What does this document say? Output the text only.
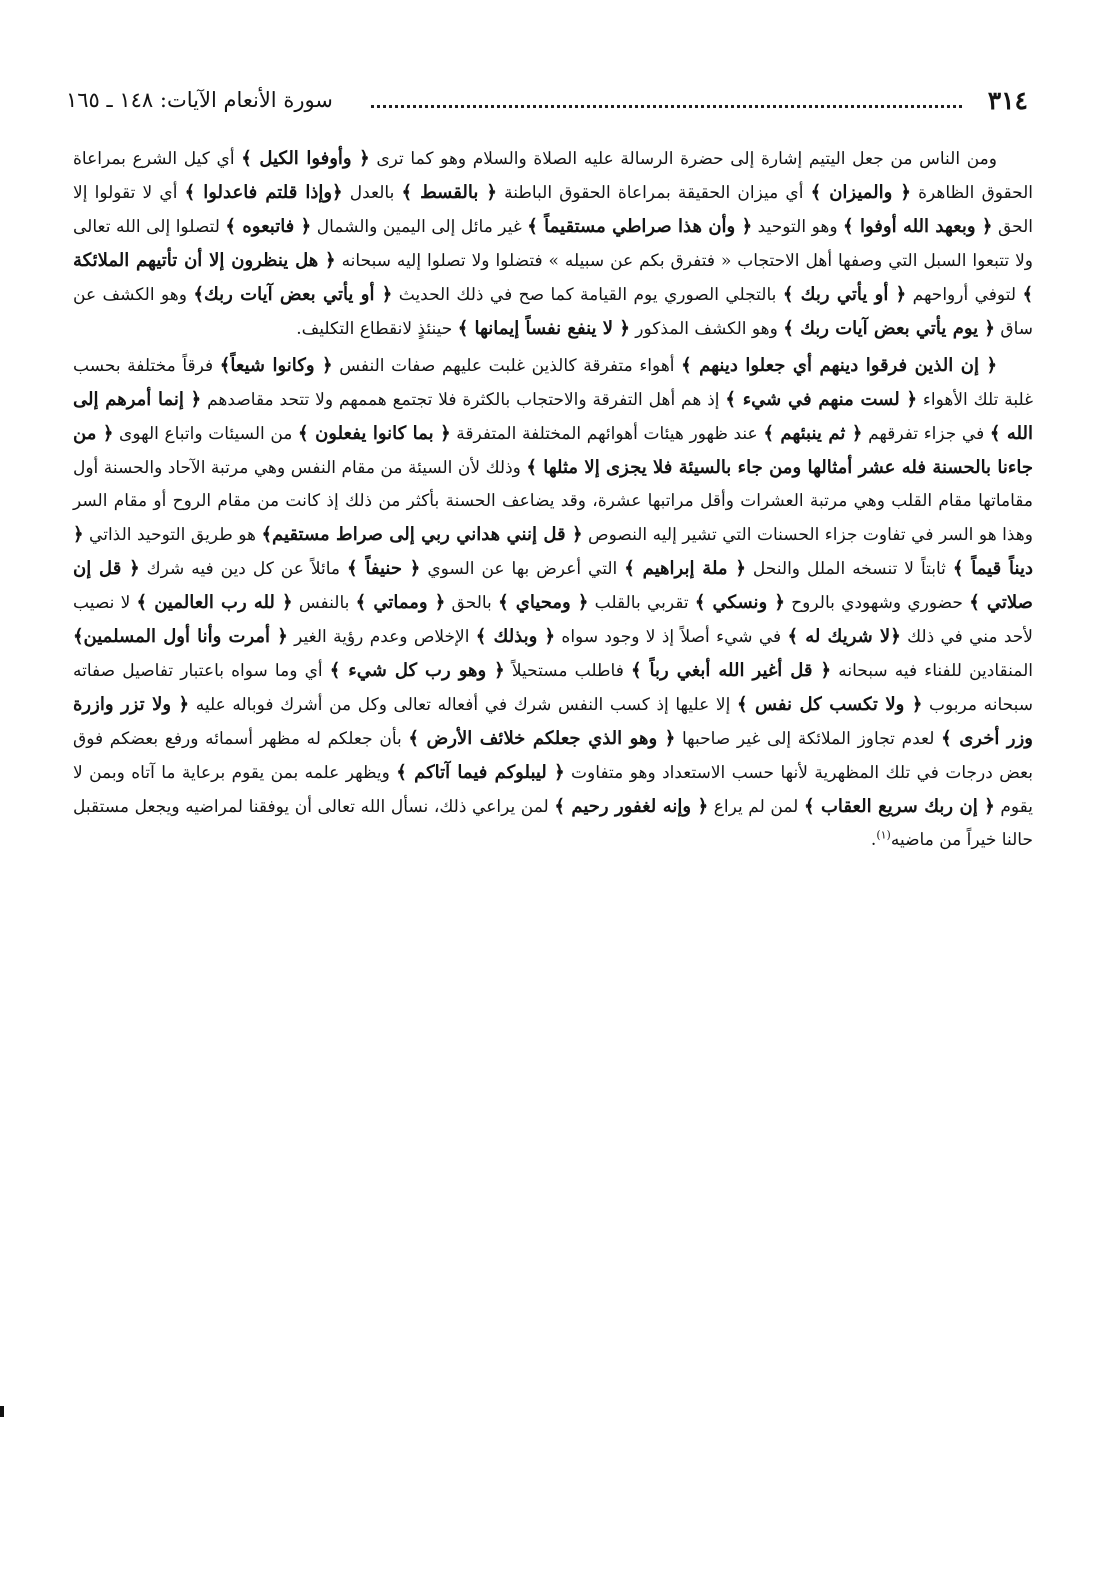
٣١٤
سورة الأنعام الآيات: ١٤٨ ـ ١٦٥

ومن الناس من جعل اليتيم إشارة إلى حضرة الرسالة عليه الصلاة والسلام وهو كما ترى ﴿ وأوفوا الكيل ﴾ أي كيل الشرع بمراعاة الحقوق الظاهرة ﴿ والميزان ﴾ أي ميزان الحقيقة بمراعاة الحقوق الباطنة ﴿ بالقسط ﴾ بالعدل ﴿وإذا قلتم فاعدلوا ﴾ أي لا تقولوا إلا الحق ﴿ وبعهد الله أوفوا ﴾ وهو التوحيد ﴿ وأن هذا صراطي مستقيماً ﴾ غير مائل إلى اليمين والشمال ﴿ فاتبعوه ﴾ لتصلوا إلى الله تعالى ولا تتبعوا السبل التي وصفها أهل الاحتجاب « فتفرق بكم عن سبيله » فتضلوا ولا تصلوا إليه سبحانه ﴿ هل ينظرون إلا أن تأتيهم الملائكة ﴾ لتوفي أرواحهم ﴿ أو يأتي ربك ﴾ بالتجلي الصوري يوم القيامة كما صح في ذلك الحديث ﴿ أو يأتي بعض آيات ربك﴾ وهو الكشف عن ساق ﴿ يوم يأتي بعض آيات ربك ﴾ وهو الكشف المذكور ﴿ لا ينفع نفساً إيمانها ﴾ حينئذٍ لانقطاع التكليف.

﴿ إن الذين فرقوا دينهم أي جعلوا دينهم ﴾ أهواء متفرقة كالذين غلبت عليهم صفات النفس ﴿ وكانوا شيعاً﴾ فرقاً مختلفة بحسب غلبة تلك الأهواء ﴿ لست منهم في شيء ﴾ إذ هم أهل التفرقة والاحتجاب بالكثرة فلا تجتمع هممهم ولا تتحد مقاصدهم ﴿ إنما أمرهم إلى الله ﴾ في جزاء تفرقهم ﴿ ثم ينبئهم ﴾ عند ظهور هيئات أهوائهم المختلفة المتفرقة ﴿ بما كانوا يفعلون ﴾ من السيئات واتباع الهوى ﴿ من جاءنا بالحسنة فله عشر أمثالها ومن جاء بالسيئة فلا يجزى إلا مثلها ﴾ وذلك لأن السيئة من مقام النفس وهي مرتبة الآحاد والحسنة أول مقاماتها مقام القلب وهي مرتبة العشرات وأقل مراتبها عشرة، وقد يضاعف الحسنة بأكثر من ذلك إذ كانت من مقام الروح أو مقام السر وهذا هو السر في تفاوت جزاء الحسنات التي تشير إليه النصوص ﴿ قل إنني هداني ربي إلى صراط مستقيم﴾ هو طريق التوحيد الذاتي ﴿ ديناً قيماً ﴾ ثابتاً لا تنسخه الملل والنحل ﴿ ملة إبراهيم ﴾ التي أعرض بها عن السوي ﴿ حنيفاً ﴾ مائلاً عن كل دين فيه شرك ﴿ قل إن صلاتي ﴾ حضوري وشهودي بالروح ﴿ ونسكي ﴾ تقربي بالقلب ﴿ ومحياي ﴾ بالحق ﴿ ومماتي ﴾ بالنفس ﴿ لله رب العالمين ﴾ لا نصيب لأحد مني في ذلك ﴿لا شريك له ﴾ في شيء أصلاً إذ لا وجود سواه ﴿ وبذلك ﴾ الإخلاص وعدم رؤية الغير ﴿ أمرت وأنا أول المسلمين﴾ المنقادين للفناء فيه سبحانه ﴿ قل أغير الله أبغي رباً ﴾ فاطلب مستحيلاً ﴿ وهو رب كل شيء ﴾ أي وما سواه باعتبار تفاصيل صفاته سبحانه مربوب ﴿ ولا تكسب كل نفس ﴾ إلا عليها إذ كسب النفس شرك في أفعاله تعالى وكل من أشرك فوباله عليه ﴿ ولا تزر وازرة وزر أخرى ﴾ لعدم تجاوز الملائكة إلى غير صاحبها ﴿ وهو الذي جعلكم خلائف الأرض ﴾ بأن جعلكم له مظهر أسمائه ورفع بعضكم فوق بعض درجات في تلك المظهرية لأنها حسب الاستعداد وهو متفاوت ﴿ ليبلوكم فيما آتاكم ﴾ ويظهر علمه بمن يقوم برعاية ما آتاه وبمن لا يقوم ﴿ إن ربك سريع العقاب ﴾ لمن لم يراع ﴿ وإنه لغفور رحيم ﴾ لمن يراعي ذلك، نسأل الله تعالى أن يوفقنا لمراضيه ويجعل مستقبل حالنا خيراً من ماضيه$^{(١)}$.
